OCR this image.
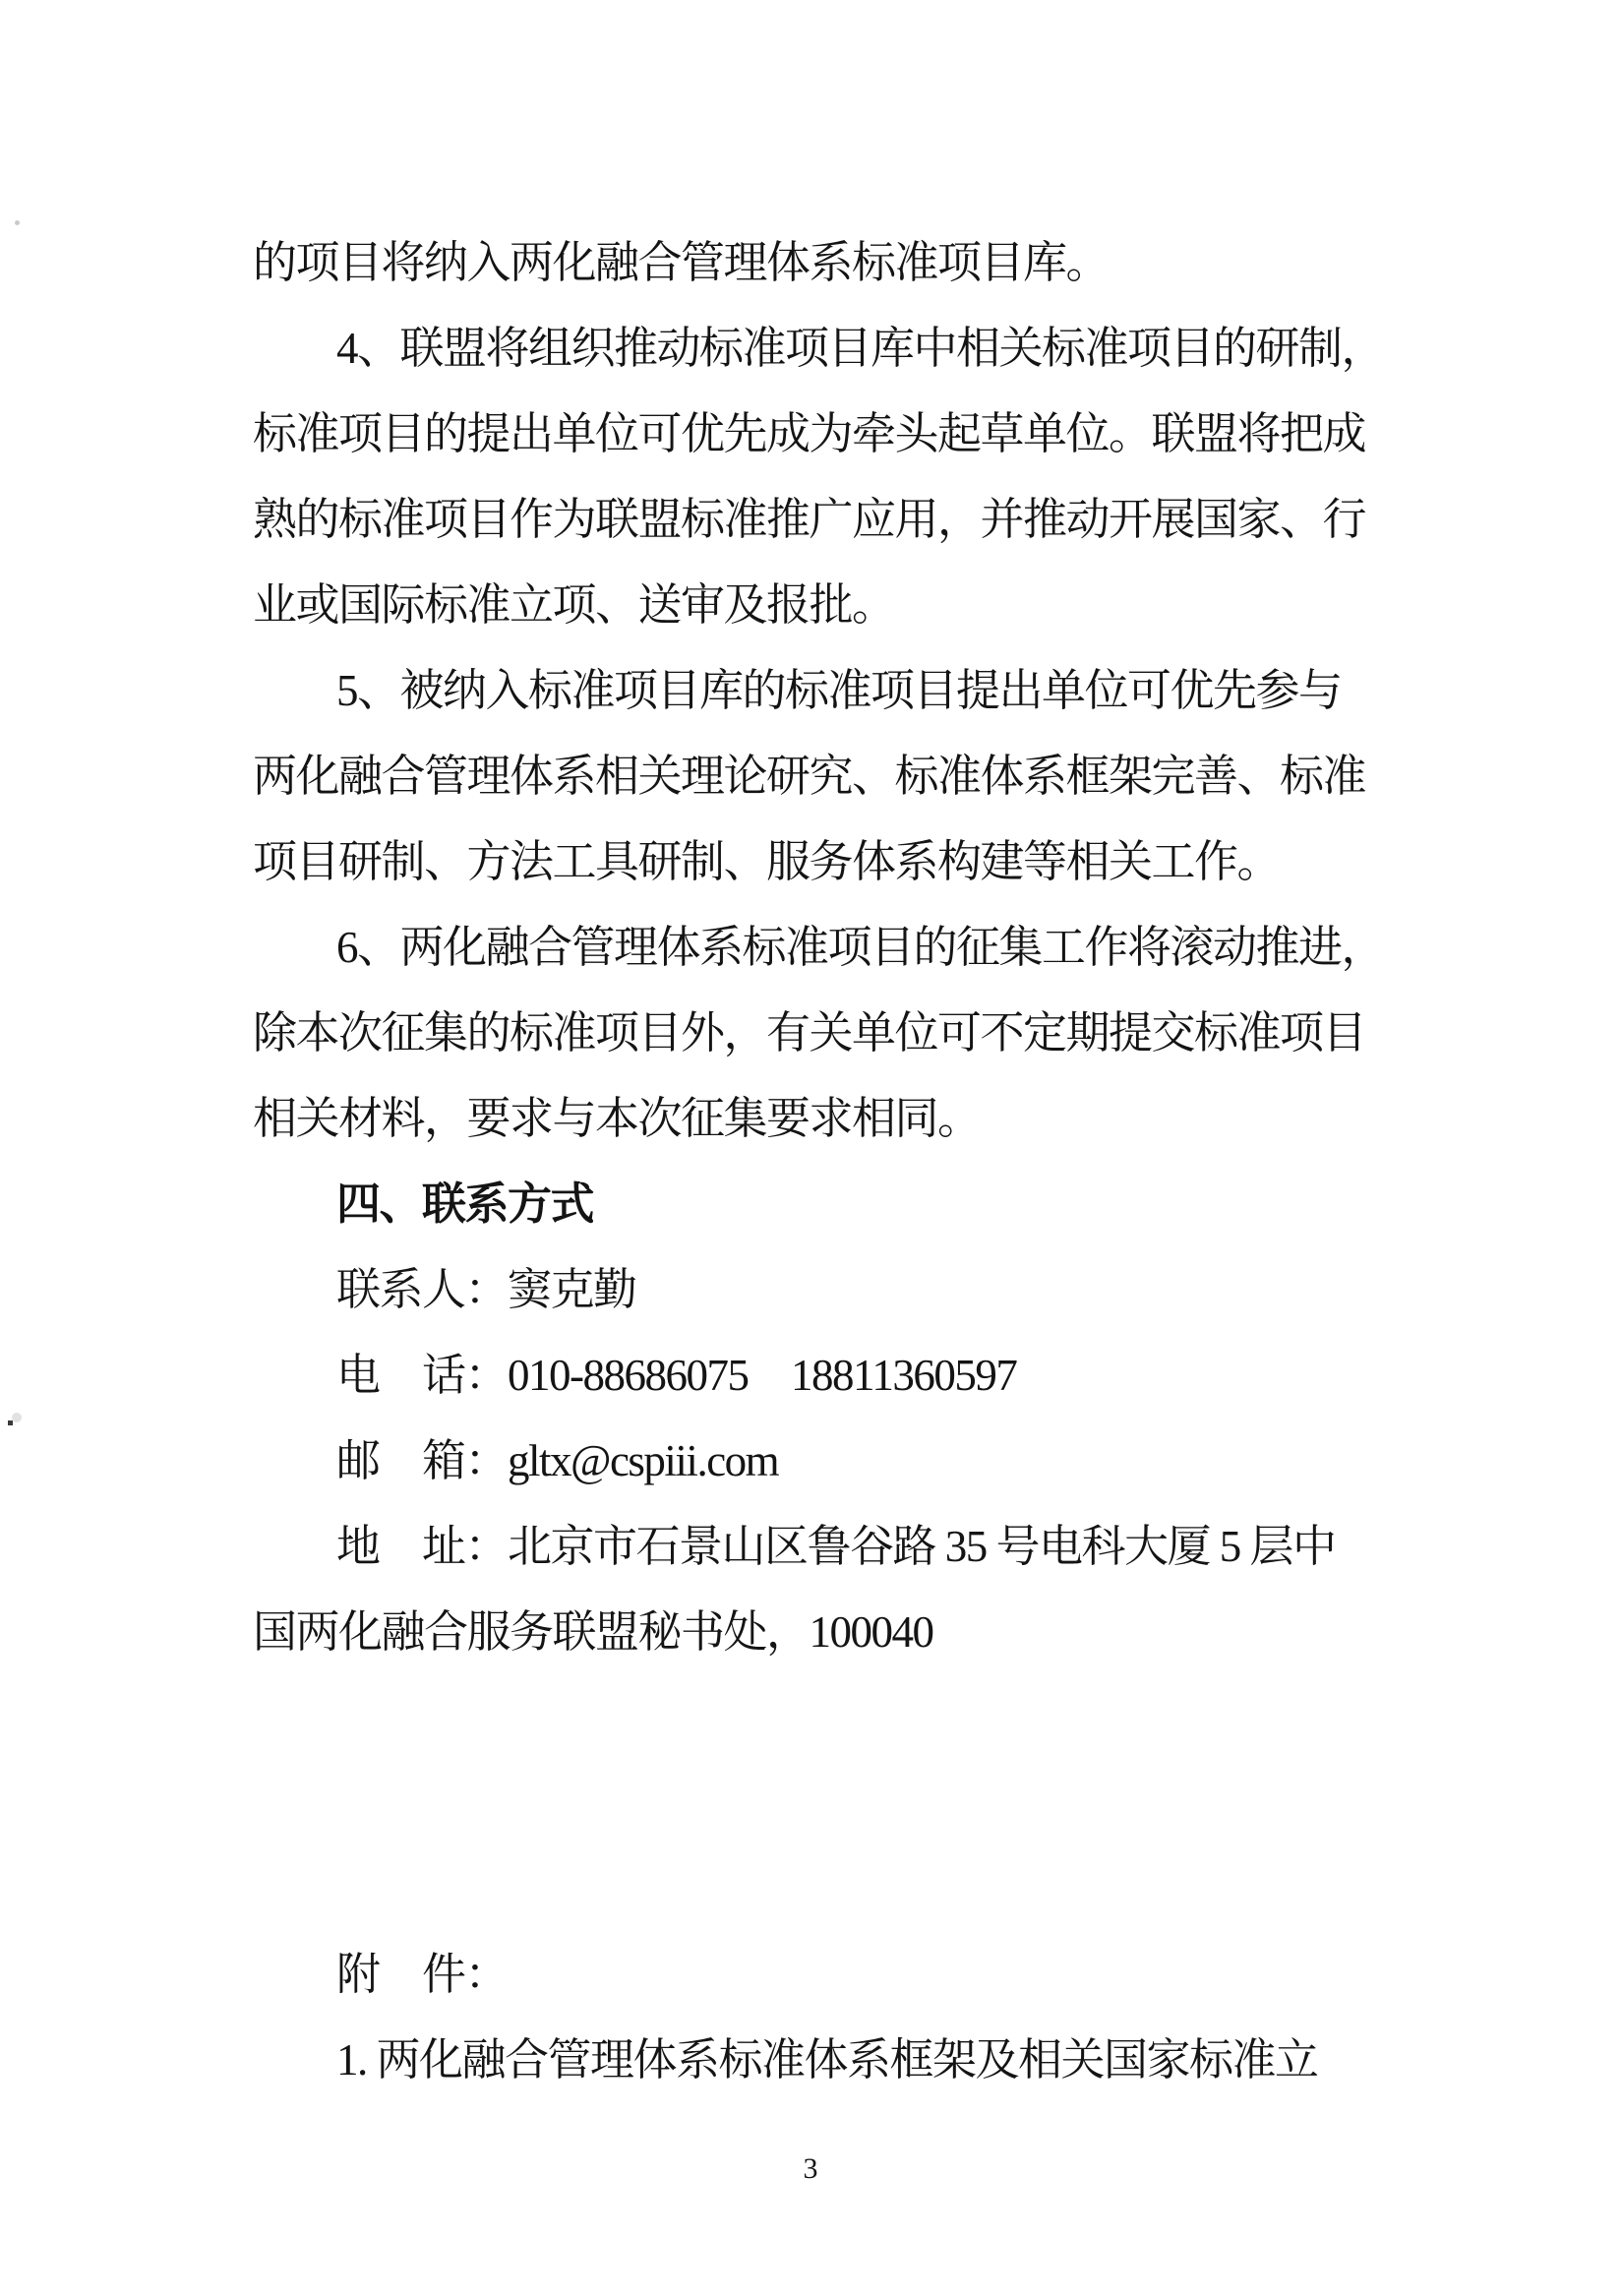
的项目将纳入两化融合管理体系标准项目库。
4、联盟将组织推动标准项目库中相关标准项目的研制，
标准项目的提出单位可优先成为牵头起草单位。联盟将把成
熟的标准项目作为联盟标准推广应用，并推动开展国家、行
业或国际标准立项、送审及报批。
5、被纳入标准项目库的标准项目提出单位可优先参与
两化融合管理体系相关理论研究、标准体系框架完善、标准
项目研制、方法工具研制、服务体系构建等相关工作。
6、两化融合管理体系标准项目的征集工作将滚动推进，
除本次征集的标准项目外，有关单位可不定期提交标准项目
相关材料，要求与本次征集要求相同。
四、联系方式
联系人：窦克勤
电　话：010-88686075　18811360597
邮　箱：gltx@cspiii.com
地　址：北京市石景山区鲁谷路 35 号电科大厦 5 层中
国两化融合服务联盟秘书处，100040
附　件：
1. 两化融合管理体系标准体系框架及相关国家标准立
3
